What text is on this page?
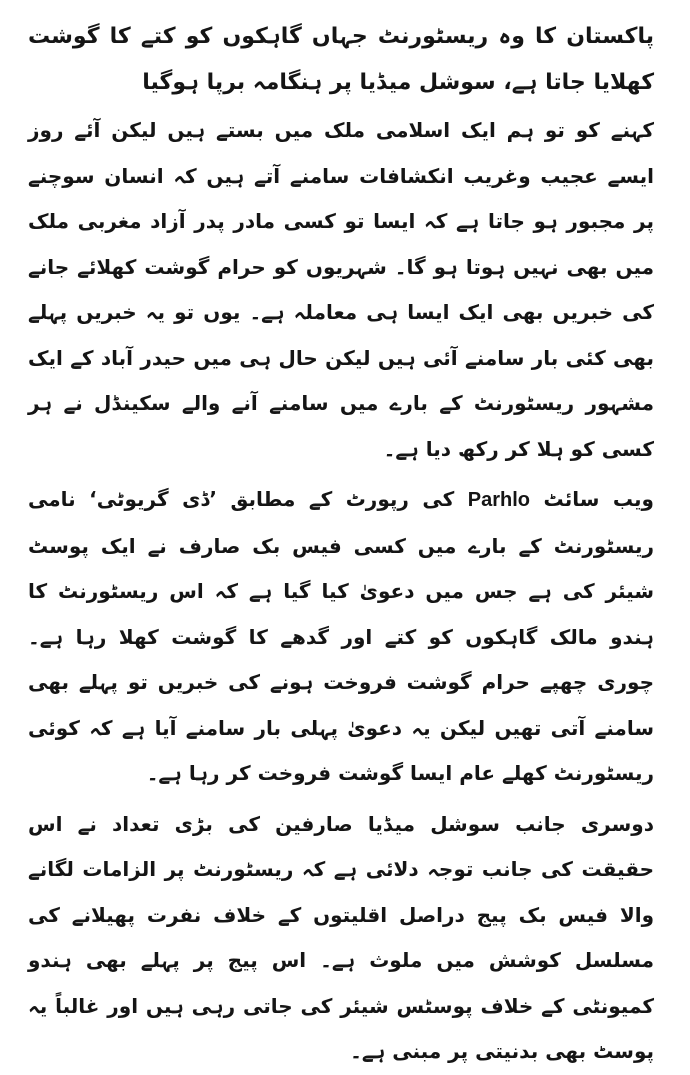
پاکستان کا وہ ریسٹورنٹ جہاں گاہکوں کو کتے کا گوشت کھلایا جاتا ہے، سوشل میڈیا پر ہنگامہ برپا ہوگیا

کہنے کو تو ہم ایک اسلامی ملک میں بستے ہیں لیکن آئے روز ایسے عجیب وغریب انکشافات سامنے آتے ہیں کہ انسان سوچنے پر مجبور ہو جاتا ہے کہ ایسا تو کسی مادر پدر آزاد مغربی ملک میں بھی نہیں ہوتا ہو گا۔ شہریوں کو حرام گوشت کھلائے جانے کی خبریں بھی ایک ایسا ہی معاملہ ہے۔ یوں تو یہ خبریں پہلے بھی کئی بار سامنے آئی ہیں لیکن حال ہی میں حیدر آباد کے ایک مشہور ریسٹورنٹ کے بارے میں سامنے آنے والے سکینڈل نے ہر کسی کو ہلا کر رکھ دیا ہے۔

ویب سائٹ Parhlo کی رپورٹ کے مطابق ’ڈی گریوٹی‘ نامی ریسٹورنٹ کے بارے میں کسی فیس بک صارف نے ایک پوسٹ شیئر کی ہے جس میں دعویٰ کیا گیا ہے کہ اس ریسٹورنٹ کا ہندو مالک گاہکوں کو کتے اور گدھے کا گوشت کھلا رہا ہے۔ چوری چھپے حرام گوشت فروخت ہونے کی خبریں تو پہلے بھی سامنے آتی تھیں لیکن یہ دعویٰ پہلی بار سامنے آیا ہے کہ کوئی ریسٹورنٹ کھلے عام ایسا گوشت فروخت کر رہا ہے۔

دوسری جانب سوشل میڈیا صارفین کی بڑی تعداد نے اس حقیقت کی جانب توجہ دلائی ہے کہ ریسٹورنٹ پر الزامات لگانے والا فیس بک پیج دراصل اقلیتوں کے خلاف نفرت پھیلانے کی مسلسل کوشش میں ملوث ہے۔ اس پیج پر پہلے بھی ہندو کمیونٹی کے خلاف پوسٹس شیئر کی جاتی رہی ہیں اور غالباً یہ پوسٹ بھی بدنیتی پر مبنی ہے۔
